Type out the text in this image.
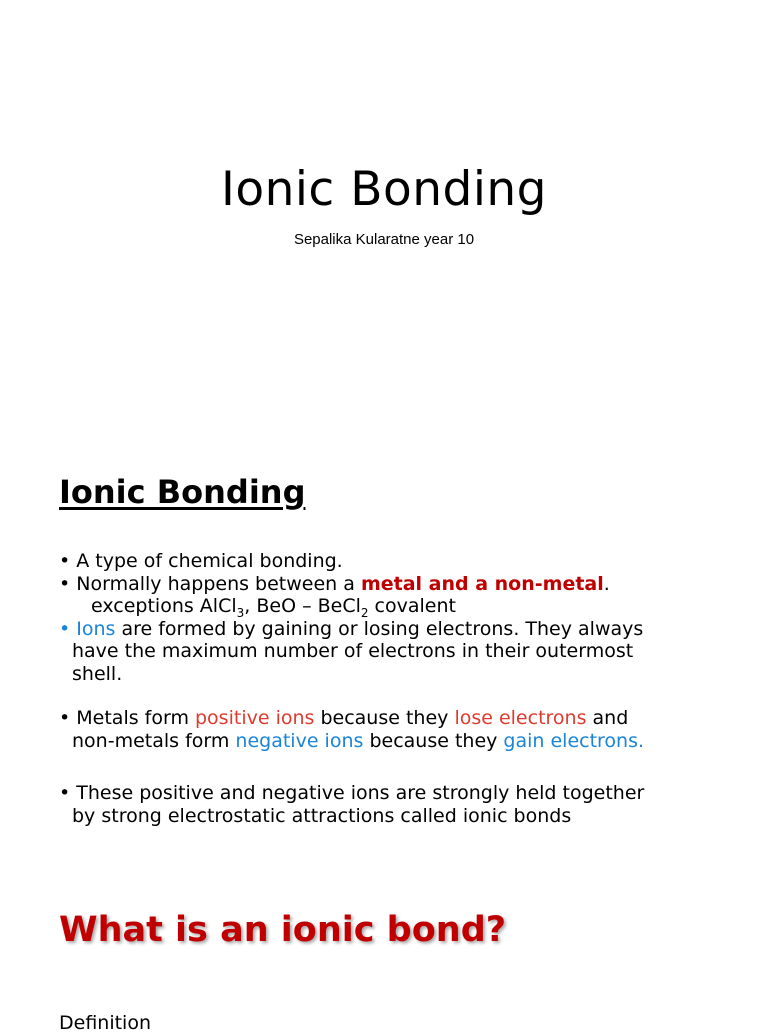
Ionic Bonding
Sepalika Kularatne year 10
Ionic Bonding
• A type of chemical bonding.
• Normally happens between a metal and a non-metal.
exceptions AlCl$_3$, BeO – BeCl$_2$ covalent
• Ions are formed by gaining or losing electrons. They always
have the maximum number of electrons in their outermost
shell.
• Metals form positive ions because they lose electrons and
non-metals form negative ions because they gain electrons.
• These positive and negative ions are strongly held together
by strong electrostatic attractions called ionic bonds
What is an ionic bond?
Definition
